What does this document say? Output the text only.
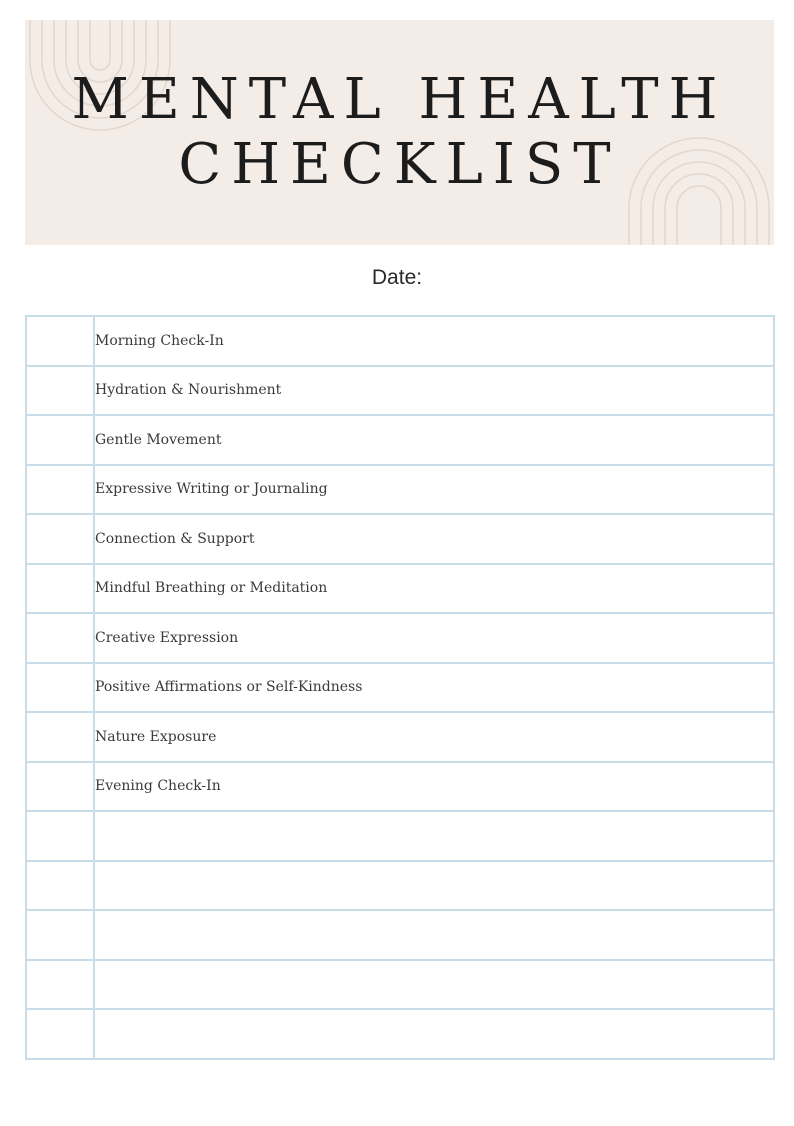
MENTAL HEALTH
CHECKLIST
Date:
	Morning Check-In
	Hydration & Nourishment
	Gentle Movement
	Expressive Writing or Journaling
	Connection & Support
	Mindful Breathing or Meditation
	Creative Expression
	Positive Affirmations or Self-Kindness
	Nature Exposure
	Evening Check-In
